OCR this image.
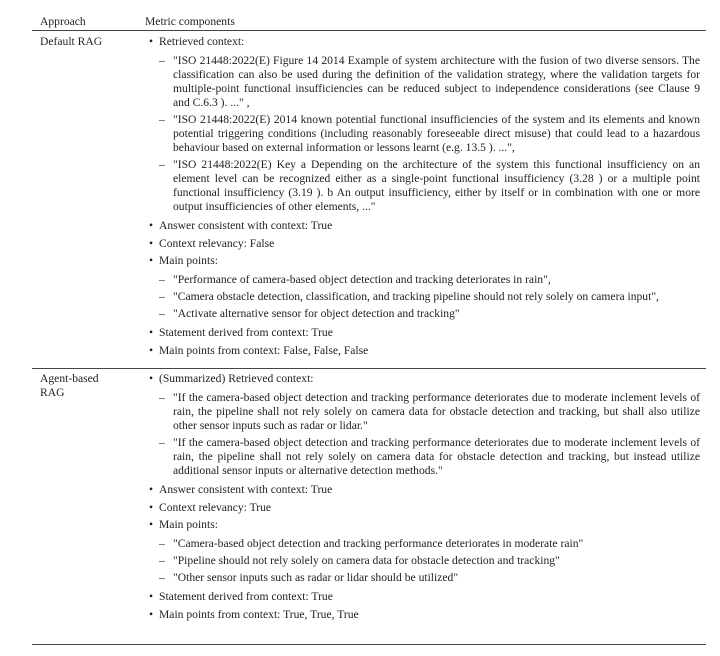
Approach	Metric components
Default RAG	• Retrieved context:
– "ISO 21448:2022(E) Figure 14 2014 Example of system architecture with the fusion of two diverse sensors. The classification can also be used during the definition of the validation strategy, where the validation targets for multiple-point functional insufficiencies can be reduced subject to independence considerations (see Clause 9 and C.6.3 ). ..." ,
– "ISO 21448:2022(E) 2014 known potential functional insufficiencies of the system and its elements and known potential triggering conditions (including reasonably foreseeable direct misuse) that could lead to a hazardous behaviour based on external information or lessons learnt (e.g. 13.5 ). ...",
– "ISO 21448:2022(E) Key a Depending on the architecture of the system this functional insufficiency on an element level can be recognized either as a single-point functional insufficiency (3.28 ) or a multiple point functional insufficiency (3.19 ). b An output insufficiency, either by itself or in combination with one or more output insufficiencies of other elements, ..."
• Answer consistent with context: True
• Context relevancy: False
• Main points:
– "Performance of camera-based object detection and tracking deteriorates in rain",
– "Camera obstacle detection, classification, and tracking pipeline should not rely solely on camera input",
– "Activate alternative sensor for object detection and tracking"
• Statement derived from context: True
• Main points from context: False, False, False
Agent-based RAG
• (Summarized) Retrieved context:
– "If the camera-based object detection and tracking performance deteriorates due to moderate inclement levels of rain, the pipeline shall not rely solely on camera data for obstacle detection and tracking, but shall also utilize other sensor inputs such as radar or lidar."
– "If the camera-based object detection and tracking performance deteriorates due to moderate inclement levels of rain, the pipeline shall not rely solely on camera data for obstacle detection and tracking, but instead utilize additional sensor inputs or alternative detection methods."
• Answer consistent with context: True
• Context relevancy: True
• Main points:
– "Camera-based object detection and tracking performance deteriorates in moderate rain"
– "Pipeline should not rely solely on camera data for obstacle detection and tracking"
– "Other sensor inputs such as radar or lidar should be utilized"
• Statement derived from context: True
• Main points from context: True, True, True
